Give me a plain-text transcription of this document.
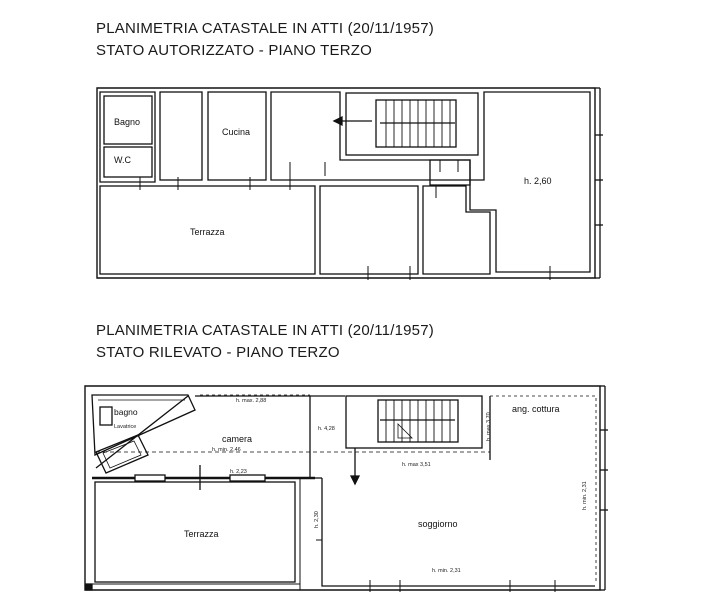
PLANIMETRIA CATASTALE IN ATTI (20/11/1957)
STATO AUTORIZZATO - PIANO TERZO
PLANIMETRIA CATASTALE IN ATTI (20/11/1957)
STATO RILEVATO - PIANO TERZO
Bagno
W.C
Cucina
Terrazza
h. 2,60
bagno
Lavatrice
camera
Terrazza
soggiorno
ang. cottura
h. max. 2,88
h. min. 2,46
h. 2,23
h. 4,28
h. max 3,51
h. min. 2,31
h. max 3,70
h. min. 2,31
h. 2,30
